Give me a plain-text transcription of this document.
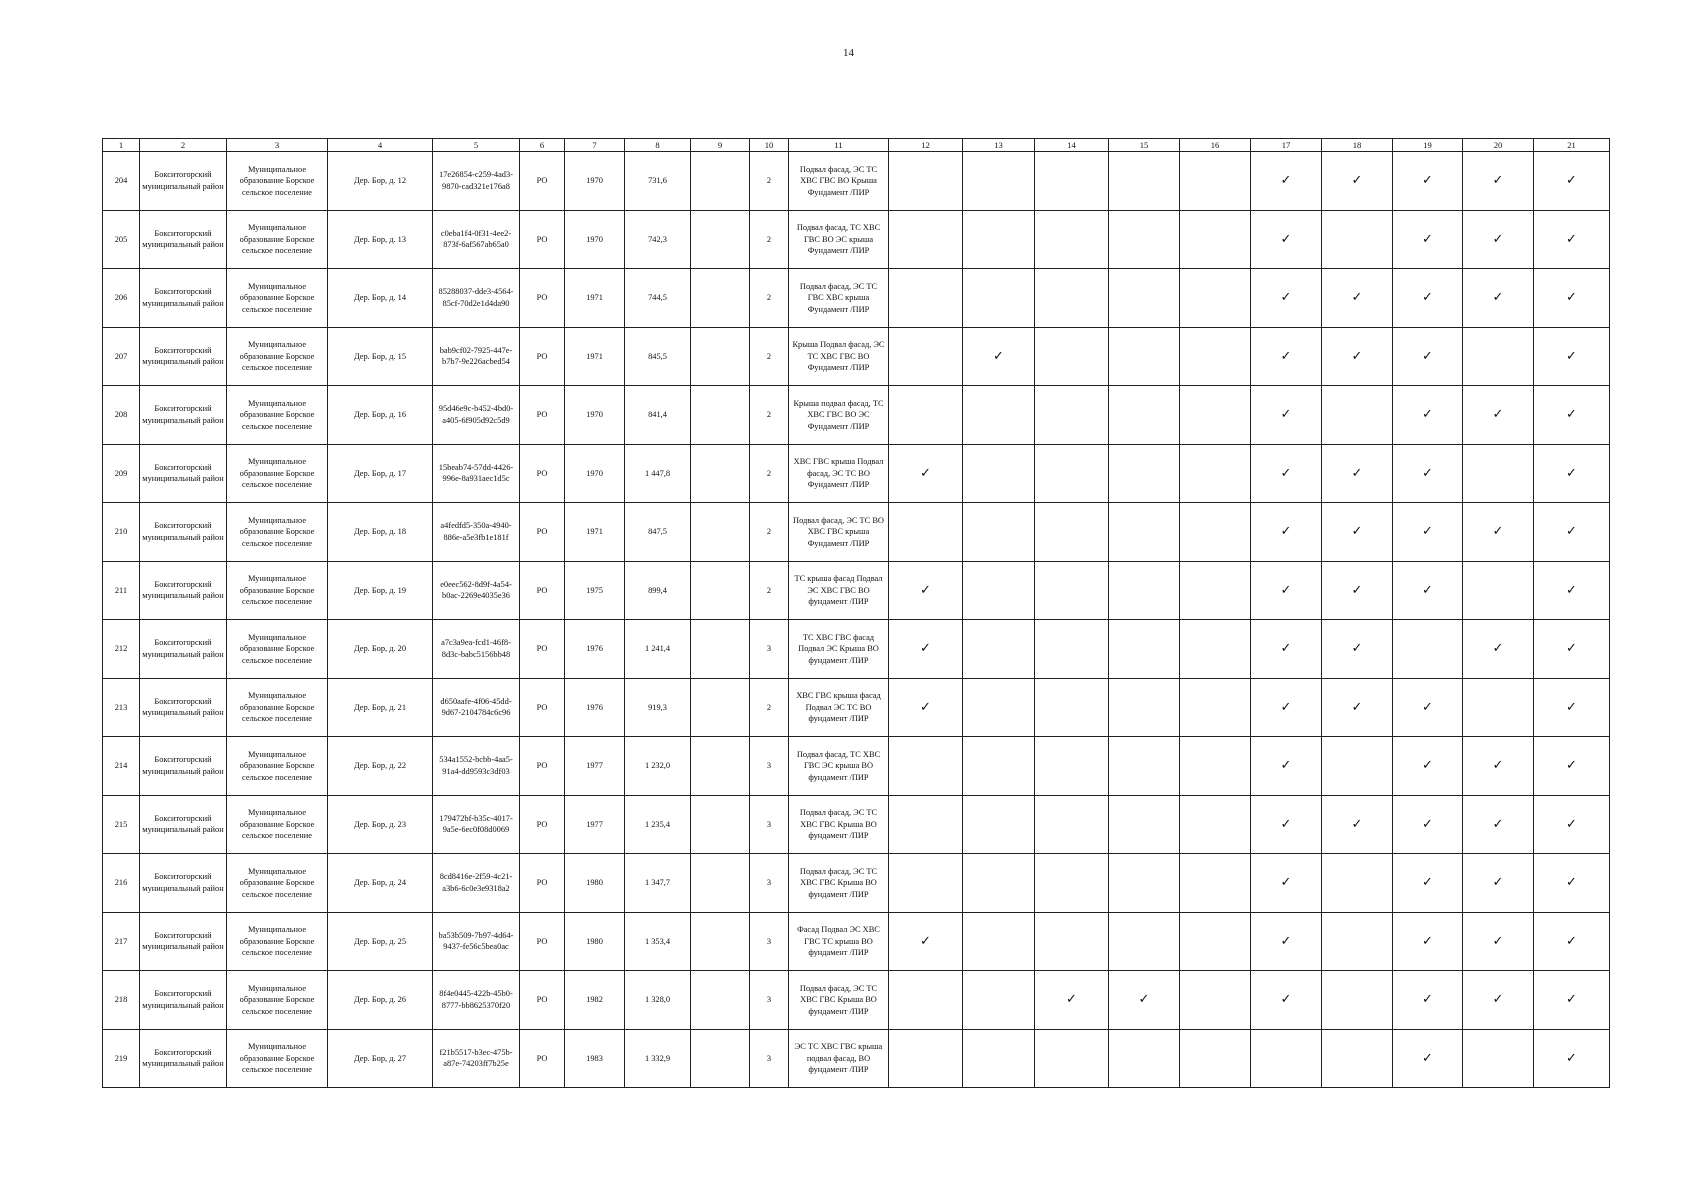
14
1	2	3	4	5	6	7	8	9	10	11	12	13	14	15	16	17	18	19	20	21
204	Бокситогорский муниципальный район	Муниципальное образование Борское сельское поселение	Дер. Бор, д. 12	17e26854-c259-4ad3-9870-cad321e176a8	РО	1970	731,6		2	Подвал фасад, ЭС ТС ХВС ГВС ВО Крыша Фундамент /ПИР						✓	✓	✓	✓	✓
205	Бокситогорский муниципальный район	Муниципальное образование Борское сельское поселение	Дер. Бор, д. 13	c0eba1f4-0f31-4ee2-873f-6af567ab65a0	РО	1970	742,3		2	Подвал фасад, ТС ХВС ГВС ВО ЭС крыша Фундамент /ПИР						✓		✓	✓	✓
206	Бокситогорский муниципальный район	Муниципальное образование Борское сельское поселение	Дер. Бор, д. 14	85288037-dde3-4564-85cf-70d2e1d4da90	РО	1971	744,5		2	Подвал фасад, ЭС ТС ГВС ХВС крыша Фундамент /ПИР						✓	✓	✓	✓	✓
207	Бокситогорский муниципальный район	Муниципальное образование Борское сельское поселение	Дер. Бор, д. 15	bab9cf02-7925-447e-b7b7-9e226acbed54	РО	1971	845,5		2	Крыша Подвал фасад, ЭС ТС ХВС ГВС ВО Фундамент /ПИР		✓				✓	✓	✓		✓
208	Бокситогорский муниципальный район	Муниципальное образование Борское сельское поселение	Дер. Бор, д. 16	95d46e9c-b452-4bd0-a405-6f905d92c5d9	РО	1970	841,4		2	Крыша подвал фасад, ТС ХВС ГВС ВО ЭС Фундамент /ПИР						✓		✓	✓	✓
209	Бокситогорский муниципальный район	Муниципальное образование Борское сельское поселение	Дер. Бор, д. 17	15beab74-57dd-4426-996e-8a931aec1d5c	РО	1970	1 447,8		2	ХВС ГВС крыша Подвал фасад, ЭС ТС ВО Фундамент /ПИР	✓					✓	✓	✓		✓
210	Бокситогорский муниципальный район	Муниципальное образование Борское сельское поселение	Дер. Бор, д. 18	a4fedfd5-350a-4940-886e-a5e3fb1e181f	РО	1971	847,5		2	Подвал фасад, ЭС ТС ВО ХВС ГВС крыша Фундамент /ПИР						✓	✓	✓	✓	✓
211	Бокситогорский муниципальный район	Муниципальное образование Борское сельское поселение	Дер. Бор, д. 19	e0eec562-8d9f-4a54-b0ac-2269e4035e36	РО	1975	899,4		2	ТС крыша фасад Подвал ЭС ХВС ГВС ВО фундамент /ПИР	✓					✓	✓	✓		✓
212	Бокситогорский муниципальный район	Муниципальное образование Борское сельское поселение	Дер. Бор, д. 20	a7c3a9ea-fcd1-46f8-8d3c-babc5156bb48	РО	1976	1 241,4		3	ТС ХВС ГВС фасад Подвал ЭС Крыша ВО фундамент /ПИР	✓					✓	✓		✓	✓
213	Бокситогорский муниципальный район	Муниципальное образование Борское сельское поселение	Дер. Бор, д. 21	d650aafe-4f06-45dd-9d67-2104784c6c96	РО	1976	919,3		2	ХВС ГВС крыша фасад Подвал ЭС ТС ВО фундамент /ПИР	✓					✓	✓	✓		✓
214	Бокситогорский муниципальный район	Муниципальное образование Борское сельское поселение	Дер. Бор, д. 22	534a1552-bcbb-4aa5-91a4-dd9593c3df03	РО	1977	1 232,0		3	Подвал фасад, ТС ХВС ГВС ЭС крыша ВО фундамент /ПИР						✓		✓	✓	✓
215	Бокситогорский муниципальный район	Муниципальное образование Борское сельское поселение	Дер. Бор, д. 23	179472bf-b35c-4017-9a5e-6ec0f08d0069	РО	1977	1 235,4		3	Подвал фасад, ЭС ТС ХВС ГВС Крыша ВО фундамент /ПИР						✓	✓	✓	✓	✓
216	Бокситогорский муниципальный район	Муниципальное образование Борское сельское поселение	Дер. Бор, д. 24	8cd8416e-2f59-4c21-a3b6-6c0e3e9318a2	РО	1980	1 347,7		3	Подвал фасад, ЭС ТС ХВС ГВС Крыша ВО фундамент /ПИР						✓		✓	✓	✓
217	Бокситогорский муниципальный район	Муниципальное образование Борское сельское поселение	Дер. Бор, д. 25	ba53b509-7b97-4d64-9437-fe56c5bea0ac	РО	1980	1 353,4		3	Фасад Подвал ЭС ХВС ГВС ТС крыша ВО фундамент /ПИР	✓					✓		✓	✓	✓
218	Бокситогорский муниципальный район	Муниципальное образование Борское сельское поселение	Дер. Бор, д. 26	8f4e0445-422b-45b0-8777-bb8625370f20	РО	1982	1 328,0		3	Подвал фасад, ЭС ТС ХВС ГВС Крыша ВО фундамент /ПИР			✓	✓		✓		✓	✓	✓
219	Бокситогорский муниципальный район	Муниципальное образование Борское сельское поселение	Дер. Бор, д. 27	f21b5517-b3ec-475b-a87e-74203ff7b25e	РО	1983	1 332,9		3	ЭС ТС ХВС ГВС крыша подвал фасад, ВО фундамент /ПИР								✓		✓
